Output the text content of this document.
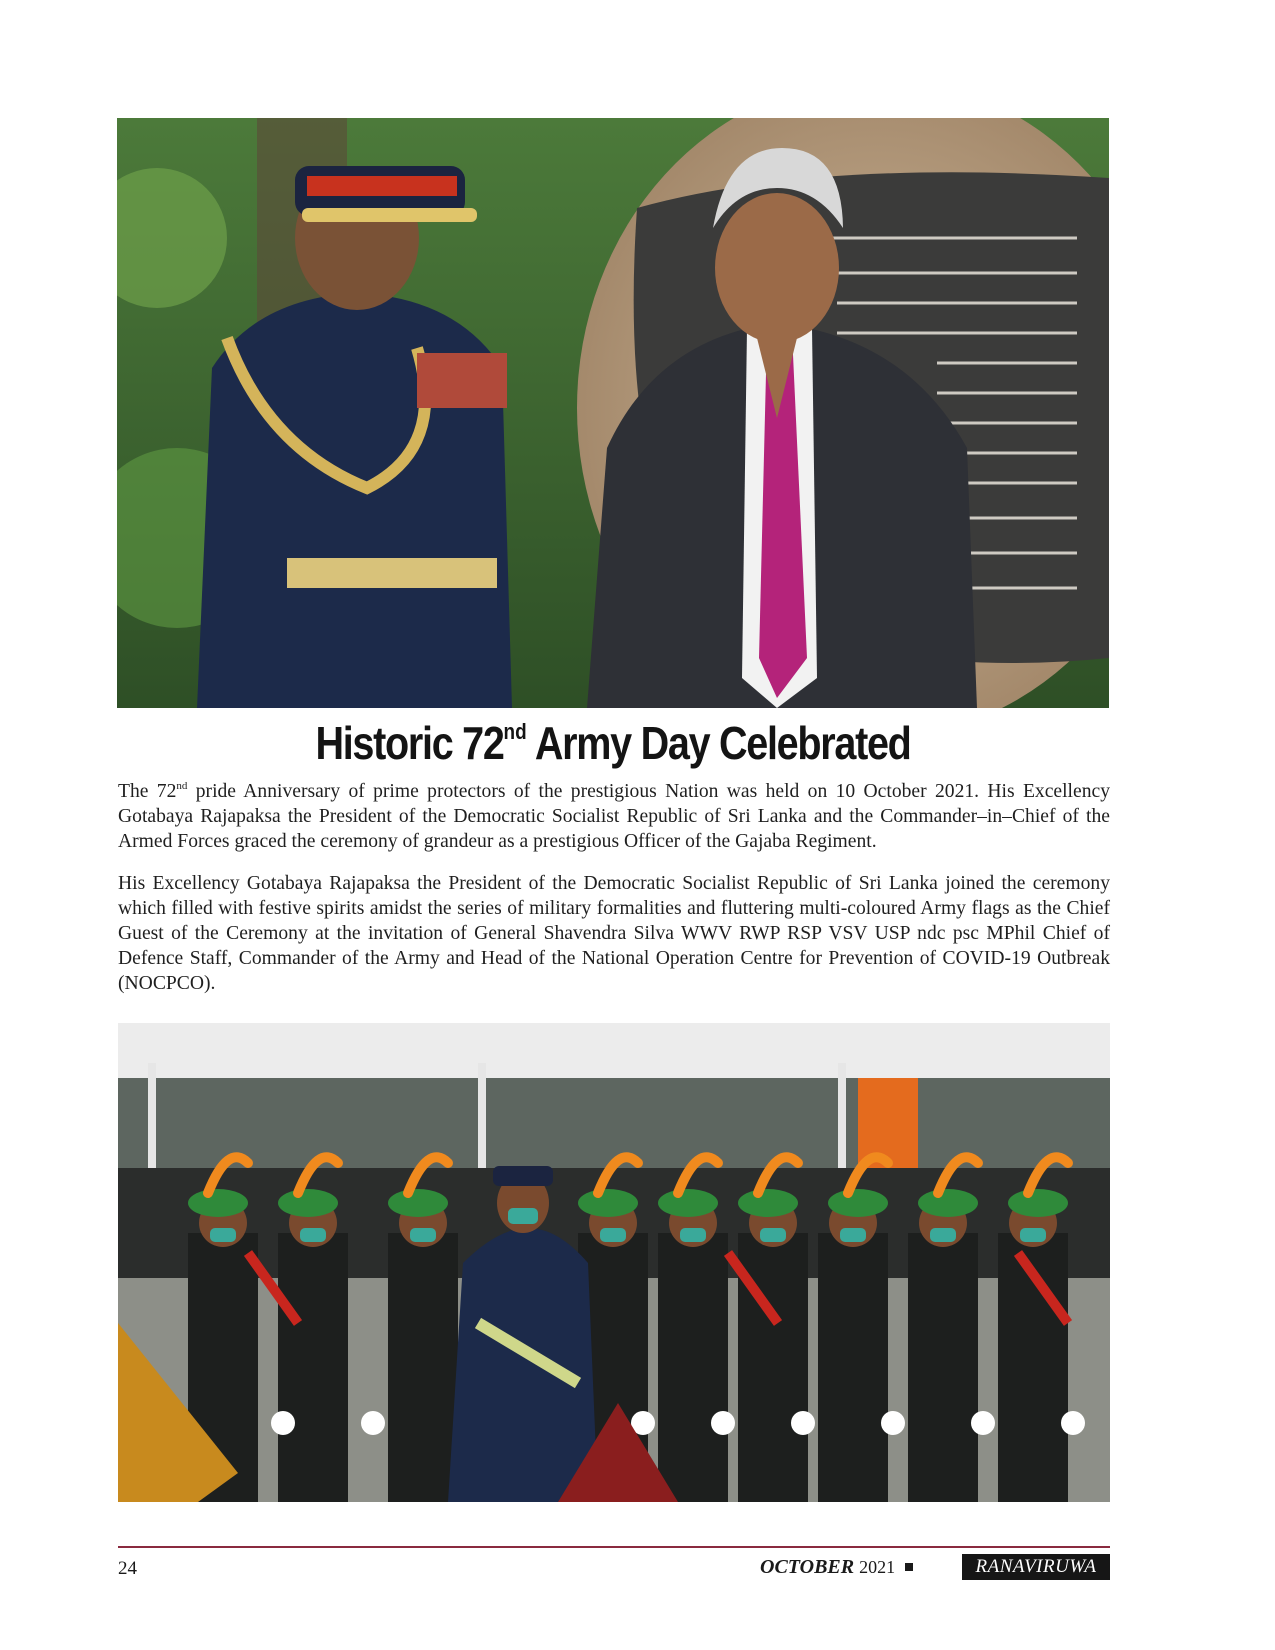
Historic 72nd Army Day Celebrated

The 72nd pride Anniversary of prime protectors of the prestigious Nation was held on 10 October 2021. His Excellency Gotabaya Rajapaksa the President of the Democratic Socialist Republic of Sri Lanka and the Commander–in–Chief of the Armed Forces graced the ceremony of grandeur as a prestigious Officer of the Gajaba Regiment.

His Excellency Gotabaya Rajapaksa the President of the Democratic Socialist Republic of Sri Lanka joined the ceremony which filled with festive spirits amidst the series of military formalities and fluttering multi-coloured Army flags as the Chief Guest of the Ceremony at the invitation of General Shavendra Silva WWV RWP RSP VSV USP ndc psc MPhil Chief of Defence Staff, Commander of the Army and Head of the National Operation Centre for Prevention of COVID-19 Outbreak (NOCPCO).

24	OCTOBER 2021	RANAVIRUWA
